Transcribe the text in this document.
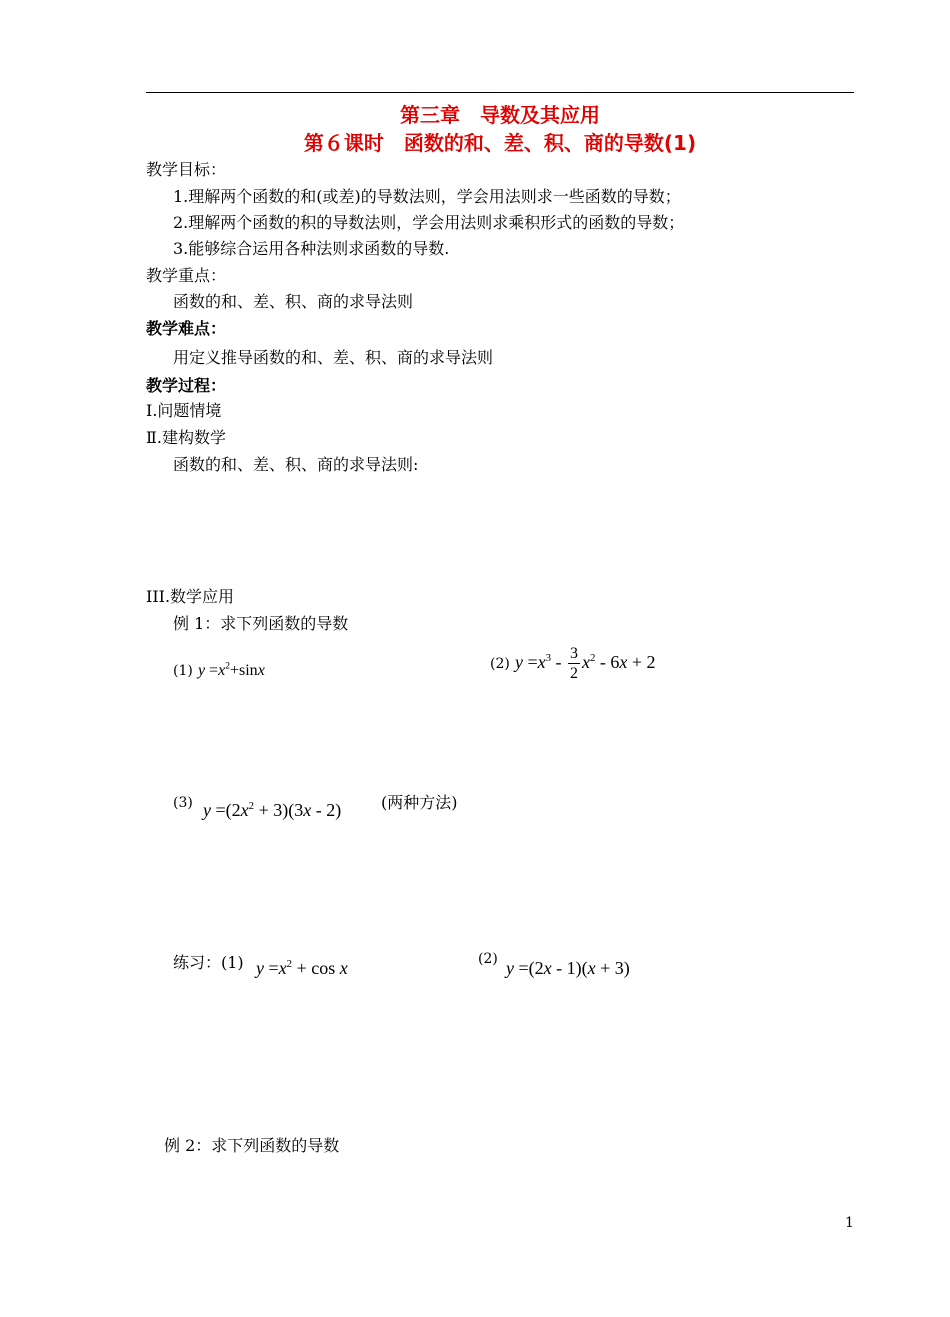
第三章　导数及其应用
第６课时　函数的和、差、积、商的导数(1)
教学目标：
1.理解两个函数的和(或差)的导数法则，学会用法则求一些函数的导数；
2.理解两个函数的积的导数法则，学会用法则求乘积形式的函数的导数；
3.能够综合运用各种法则求函数的导数.
教学重点：
函数的和、差、积、商的求导法则
教学难点：
用定义推导函数的和、差、积、商的求导法则
教学过程：
Ⅰ.问题情境
Ⅱ.建构数学
函数的和、差、积、商的求导法则:
III.数学应用
例 1：求下列函数的导数
(1) $y =x^2+\sin x$	(2) $y =x^3 - \frac{3}{2} x^2 - 6x + 2$
(3) $y =(2x^2 + 3)(3x - 2)$ (两种方法)
练习：(1) $y =x^2 + \cos x$	(2) y =(2x - 1)(x + 3)
例 2：求下列函数的导数
1
